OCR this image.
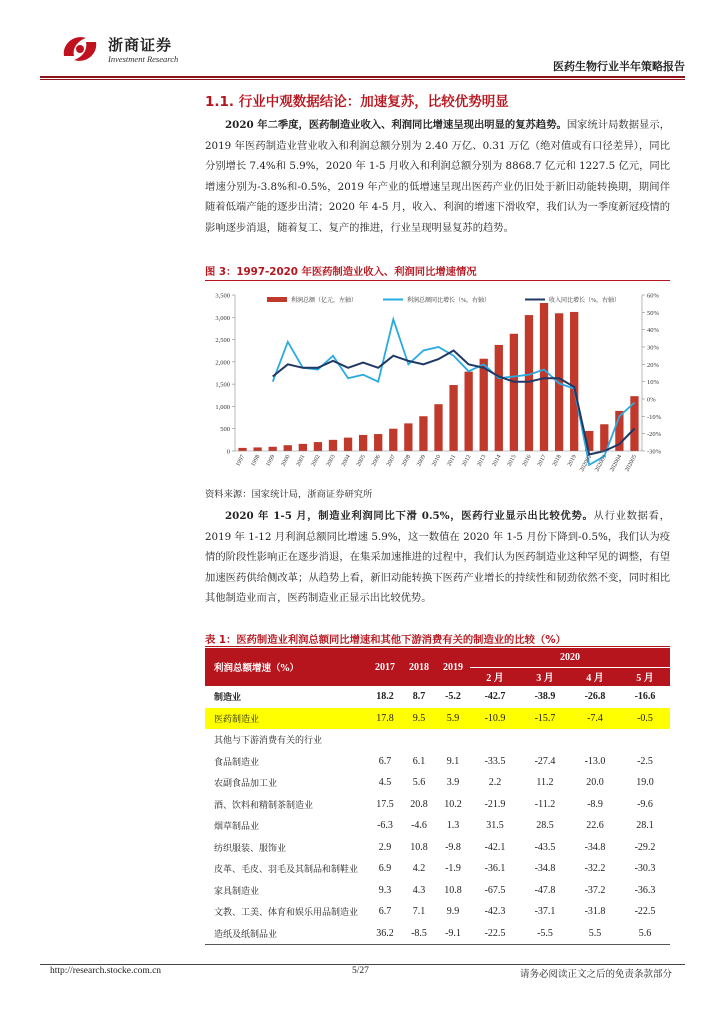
浙商证券
Investment Research
医药生物行业半年策略报告
1.1. 行业中观数据结论：加速复苏，比较优势明显
2020 年二季度，医药制造业收入、利润同比增速呈现出明显的复苏趋势。国家统计局数据显示，2019 年医药制造业营业收入和利润总额分别为 2.40 万亿、0.31 万亿（绝对值或有口径差异），同比分别增长 7.4%和 5.9%，2020 年 1-5 月收入和利润总额分别为 8868.7 亿元和 1227.5 亿元，同比增速分别为-3.8%和-0.5%，2019 年产业的低增速呈现出医药产业仍旧处于新旧动能转换期，期间伴随着低端产能的逐步出清；2020 年 4-5 月，收入、利润的增速下滑收窄，我们认为一季度新冠疫情的影响逐步消退，随着复工、复产的推进，行业呈现明显复苏的趋势。
图 3：1997-2020 年医药制造业收入、利润同比增速情况
0
500
1,000
1,500
2,000
2,500
3,000
3,500
-30%
-20%
-10%
0%
10%
20%
30%
40%
50%
60%
1997 1998 1999 2000 2001 2002 2003 2004 2005 2006 2007 2008 2009 2010 2011 2012 2013 2014 2015 2016 2017 2018 2019 202002 202003 202004 202005
利润总额（亿元，左轴）	利润总额同比增长（%，右轴）	收入同比增长（%，右轴）
资料来源：国家统计局，浙商证券研究所
2020 年 1-5 月，制造业利润同比下滑 0.5%，医药行业显示出比较优势。从行业数据看，2019 年 1-12 月利润总额同比增速 5.9%，这一数值在 2020 年 1-5 月份下降到-0.5%，我们认为疫情的阶段性影响正在逐步消退，在集采加速推进的过程中，我们认为医药制造业这种罕见的调整，有望加速医药供给侧改革；从趋势上看，新旧动能转换下医药产业增长的持续性和韧劲依然不变，同时相比其他制造业而言，医药制造业正显示出比较优势。
表 1：医药制造业利润总额同比增速和其他下游消费有关的制造业的比较（%）
利润总额增速（%）	2017	2018	2019	2020			
				2 月	3 月	4 月	5 月
制造业	18.2	8.7	-5.2	-42.7	-38.9	-26.8	-16.6
医药制造业	17.8	9.5	5.9	-10.9	-15.7	-7.4	-0.5
其他与下游消费有关的行业							
食品制造业	6.7	6.1	9.1	-33.5	-27.4	-13.0	-2.5
农副食品加工业	4.5	5.6	3.9	2.2	11.2	20.0	19.0
酒、饮料和精制茶制造业	17.5	20.8	10.2	-21.9	-11.2	-8.9	-9.6
烟草制品业	-6.3	-4.6	1.3	31.5	28.5	22.6	28.1
纺织服装、服饰业	2.9	10.8	-9.8	-42.1	-43.5	-34.8	-29.2
皮革、毛皮、羽毛及其制品和制鞋业	6.9	4.2	-1.9	-36.1	-34.8	-32.2	-30.3
家具制造业	9.3	4.3	10.8	-67.5	-47.8	-37.2	-36.3
文教、工美、体育和娱乐用品制造业	6.7	7.1	9.9	-42.3	-37.1	-31.8	-22.5
造纸及纸制品业	36.2	-8.5	-9.1	-22.5	-5.5	5.5	5.6
http://research.stocke.com.cn	5/27	请务必阅读正文之后的免责条款部分
